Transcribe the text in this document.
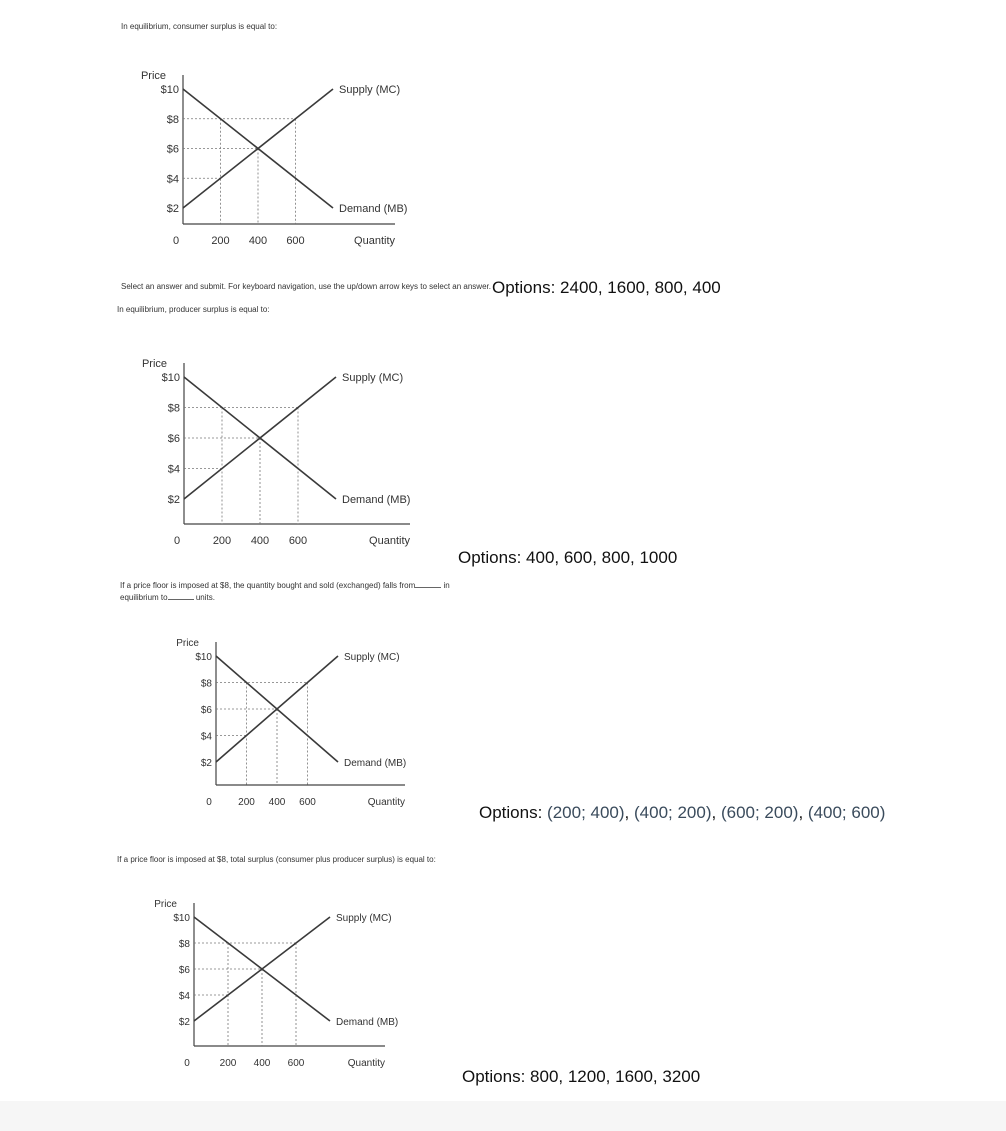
In equilibrium, consumer surplus is equal to:
Supply (MC)
Demand (MB)
$10
$8
$6
$4
$2
Price
0	200 400 600	Quantity
Select an answer and submit. For keyboard navigation, use the up/down arrow keys to select an answer. Options: 2400, 1600, 800, 400
In equilibrium, producer surplus is equal to:
Supply (MC)
Demand (MB)
$10
$8
$6
$4
$2
Price
0	200 400 600	Quantity
Options: 400, 600, 800, 1000
If a price floor is imposed at $8, the quantity bought and sold (exchanged) falls from	in
equilibrium to	units.
Supply (MC)
Demand (MB)
$10
$8
$6
$4
$2
Price
0	200 400 600	Quantity
Options: (200; 400), (400; 200), (600; 200), (400; 600)
If a price floor is imposed at $8, total surplus (consumer plus producer surplus) is equal to:
Supply (MC)
Demand (MB)
$10
$8
$6
$4
$2
Price
0	200 400 600	Quantity
Options: 800, 1200, 1600, 3200
